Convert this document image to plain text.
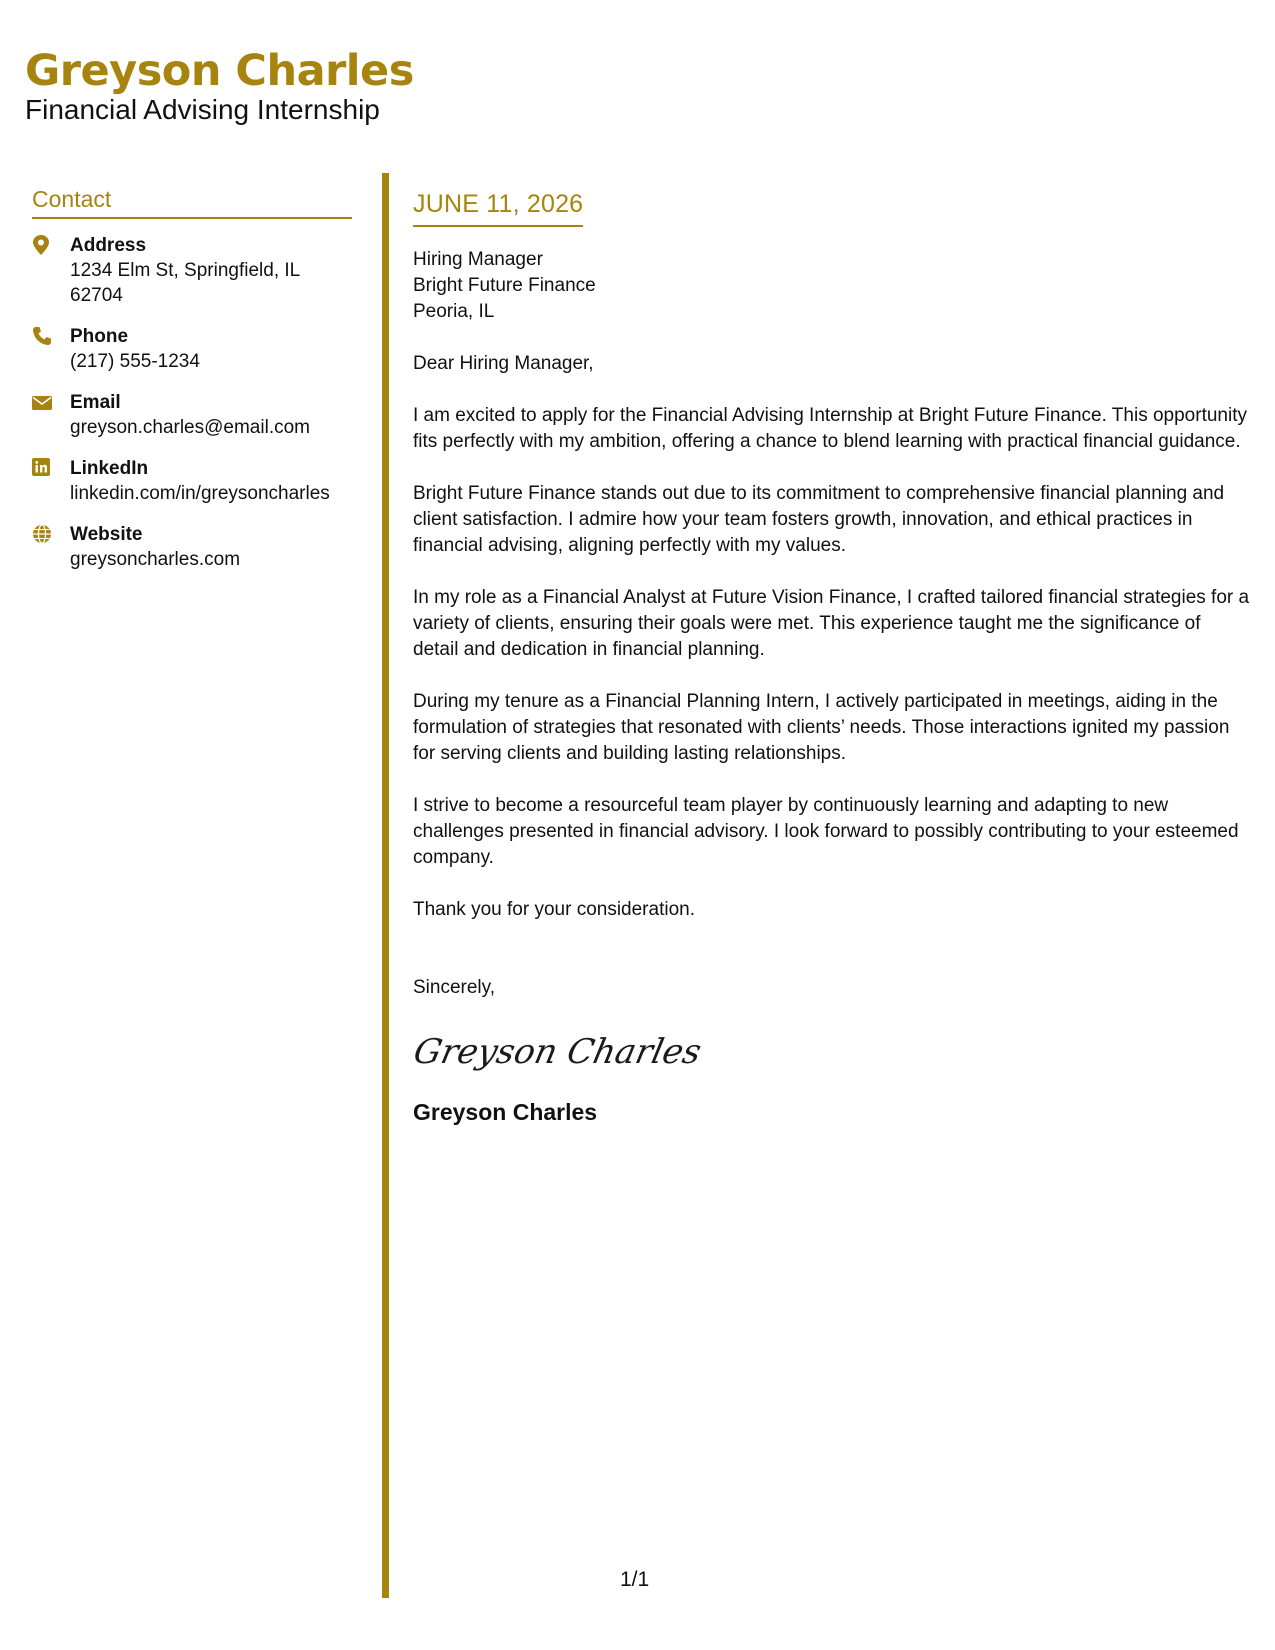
Greyson Charles
Financial Advising Internship
Contact
Address
1234 Elm St, Springfield, IL 62704
Phone
(217) 555-1234
Email
greyson.charles@email.com
LinkedIn
linkedin.com/in/greysoncharles
Website
greysoncharles.com
JUNE 11, 2026
Hiring Manager
Bright Future Finance
Peoria, IL
Dear Hiring Manager,
I am excited to apply for the Financial Advising Internship at Bright Future Finance. This opportunity fits perfectly with my ambition, offering a chance to blend learning with practical financial guidance.
Bright Future Finance stands out due to its commitment to comprehensive financial planning and client satisfaction. I admire how your team fosters growth, innovation, and ethical practices in financial advising, aligning perfectly with my values.
In my role as a Financial Analyst at Future Vision Finance, I crafted tailored financial strategies for a variety of clients, ensuring their goals were met. This experience taught me the significance of detail and dedication in financial planning.
During my tenure as a Financial Planning Intern, I actively participated in meetings, aiding in the formulation of strategies that resonated with clients’ needs. Those interactions ignited my passion for serving clients and building lasting relationships.
I strive to become a resourceful team player by continuously learning and adapting to new challenges presented in financial advisory. I look forward to possibly contributing to your esteemed company.
Thank you for your consideration.
Sincerely,
Greyson Charles
Greyson Charles
1/1
